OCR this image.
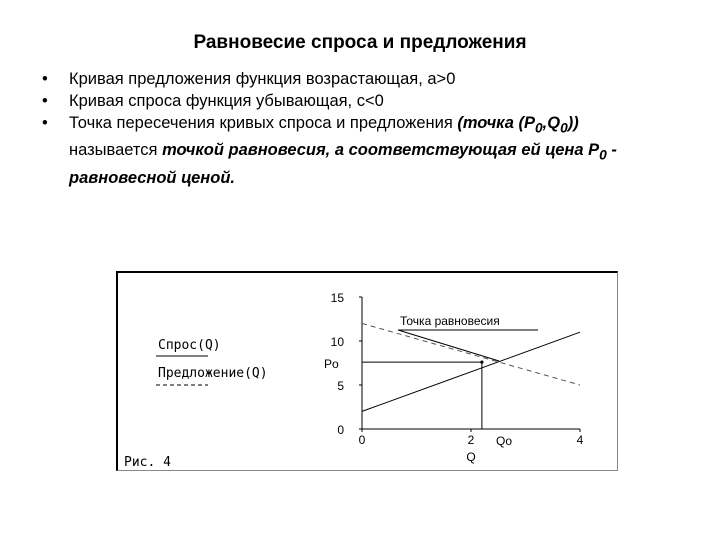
Равновесие спроса и предложения
• Кривая предложения функция возрастающая, a>0
• Кривая спроса функция убывающая, c<0
• Точка пересечения кривых спроса и предложения (точка $(P_0,Q_0)$) называется точкой равновесия, а соответствующая ей цена $P_0$ - равновесной ценой.
Спрос(Q)
Предложение(Q)
Рис. 4
0
5
10
15
0	2	4
Q
Точка равновесия
Po
Qo
